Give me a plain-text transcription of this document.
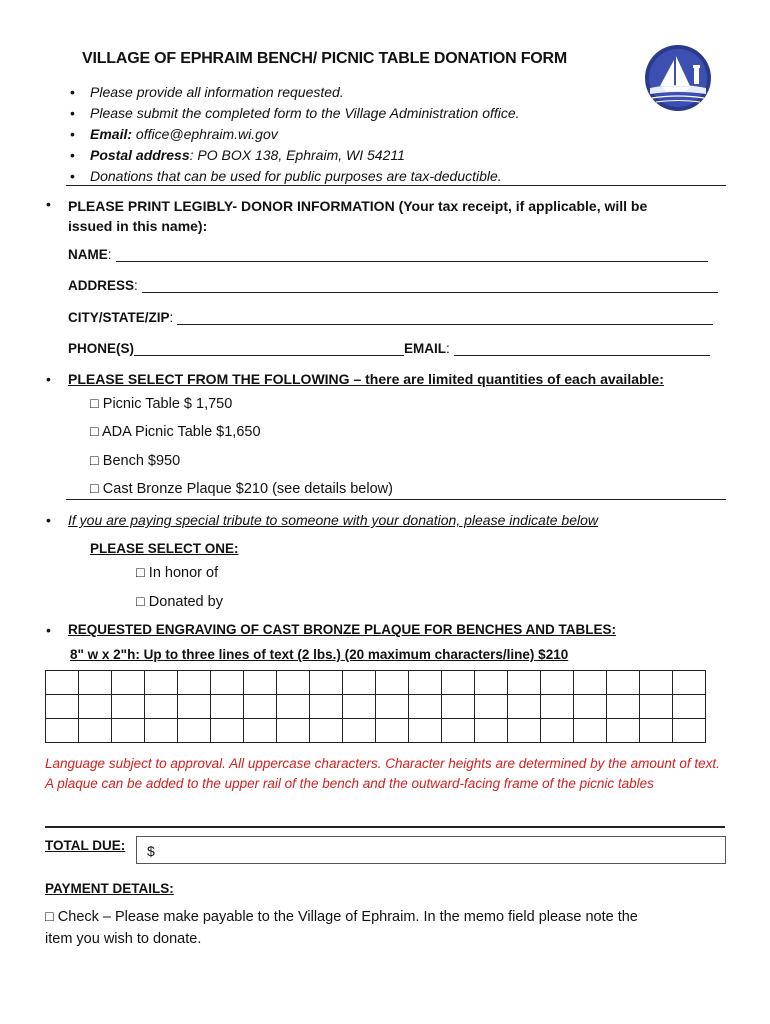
VILLAGE OF EPHRAIM BENCH/ PICNIC TABLE DONATION FORM
• Please provide all information requested.
• Please submit the completed form to the Village Administration office.
• Email: office@ephraim.wi.gov
• Postal address: PO BOX 138, Ephraim, WI 54211
• Donations that can be used for public purposes are tax-deductible.
• PLEASE PRINT LEGIBLY- DONOR INFORMATION (Your tax receipt, if applicable, will be
issued in this name):
NAME :
ADDRESS :
CITY/STATE/ZIP :
PHONE(S)	EMAIL :
• PLEASE SELECT FROM THE FOLLOWING – there are limited quantities of each available:
□ Picnic Table $ 1,750
□ ADA Picnic Table $1,650
□ Bench $950
□ Cast Bronze Plaque $210 (see details below)
• If you are paying special tribute to someone with your donation, please indicate below
PLEASE SELECT ONE:
□ In honor of
□ Donated by
• REQUESTED ENGRAVING OF CAST BRONZE PLAQUE FOR BENCHES AND TABLES:
8" w x 2"h: Up to three lines of text (2 lbs.) (20 maximum characters/line) $210

Language subject to approval. All uppercase characters. Character heights are determined by the amount of text. A plaque can be added to the upper rail of the bench and the outward-facing frame of the picnic tables
TOTAL DUE: $
PAYMENT DETAILS:
□ Check – Please make payable to the Village of Ephraim. In the memo field please note the
item you wish to donate.
